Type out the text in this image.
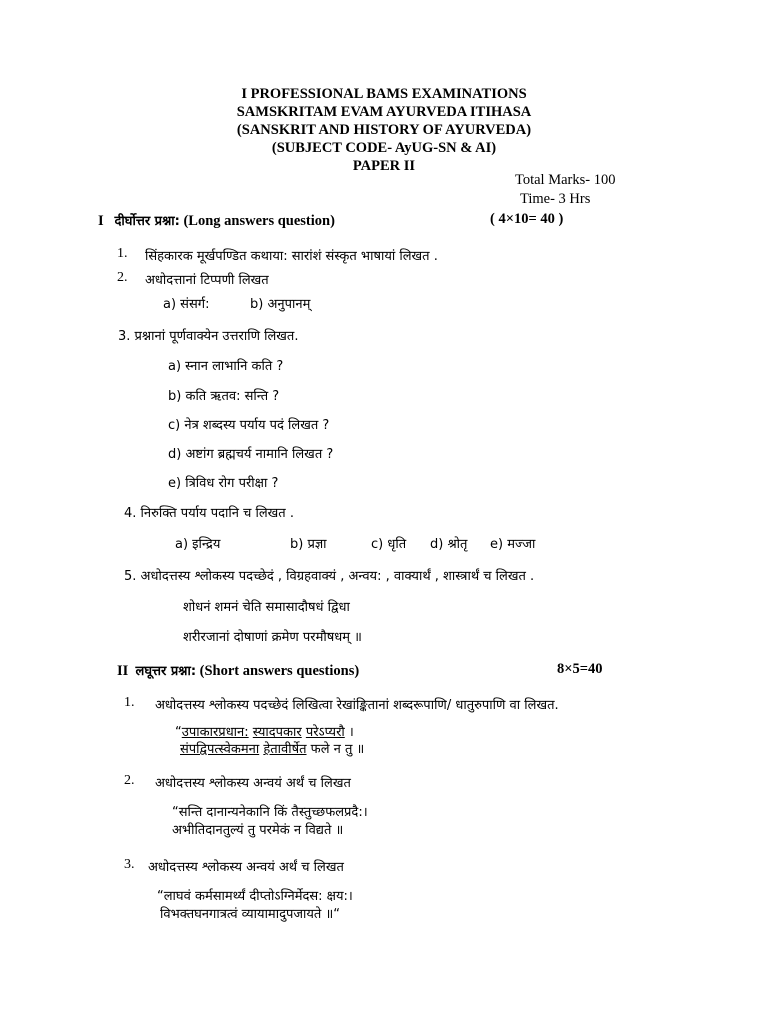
I PROFESSIONAL BAMS EXAMINATIONS
SAMSKRITAM EVAM AYURVEDA ITIHASA
(SANSKRIT AND HISTORY OF AYURVEDA)
(SUBJECT CODE- AyUG-SN & AI)
PAPER II
Total Marks- 100
Time- 3 Hrs
I दीर्घोत्तर प्रश्ना: (Long answers question)	( 4×10= 40 )
1. सिंहकारक मूर्खपण्डित कथाया: सारांशं संस्कृत भाषायां लिखत .
2. अधोदत्तानां टिप्पणी लिखत
a) संसर्ग:	b) अनुपानम्
3. प्रश्नानां पूर्णवाक्येन उत्तराणि लिखत.
a) स्नान लाभानि कति ?
b) कति ऋतव: सन्ति ?
c) नेत्र शब्दस्य पर्याय पदं लिखत ?
d) अष्टांग ब्रह्मचर्य नामानि लिखत ?
e) त्रिविध रोग परीक्षा ?
4. निरुक्ति पर्याय पदानि च लिखत .
a) इन्द्रिय	b) प्रज्ञा	c) धृति d) श्रोतृ e) मज्जा
5. अधोदत्तस्य श्लोकस्य पदच्छेदं , विग्रहवाक्यं , अन्वय: , वाक्यार्थं , शास्त्रार्थं च लिखत .
शोधनं शमनं चेति समासादौषधं द्विधा
शरीरजानां दोषाणां क्रमेण परमौषधम् ॥
II लघूत्तर प्रश्ना: (Short answers questions)	8×5=40
1. अधोदत्तस्य श्लोकस्य पदच्छेदं लिखित्वा रेखांङ्कितानां शब्दरूपाणि/ धातुरुपाणि वा लिखत.
“उपाकारप्रधान: स्यादपकार परेऽप्यरौ ।
संपद्विपत्स्वेकमना हेतावीर्षेत फले न तु ॥
2. अधोदत्तस्य श्लोकस्य अन्वयं अर्थं च लिखत
“सन्ति दानान्यनेकानि किं तैस्तुच्छफलप्रदै:।
अभीतिदानतुल्यं तु परमेकं न विद्यते ॥
3. अधोदत्तस्य श्लोकस्य अन्वयं अर्थं च लिखत
“लाघवं कर्मसामर्थ्यं दीप्तोऽग्निर्मेदस: क्षय:।
विभक्तघनगात्रत्वं व्यायामादुपजायते ॥“
